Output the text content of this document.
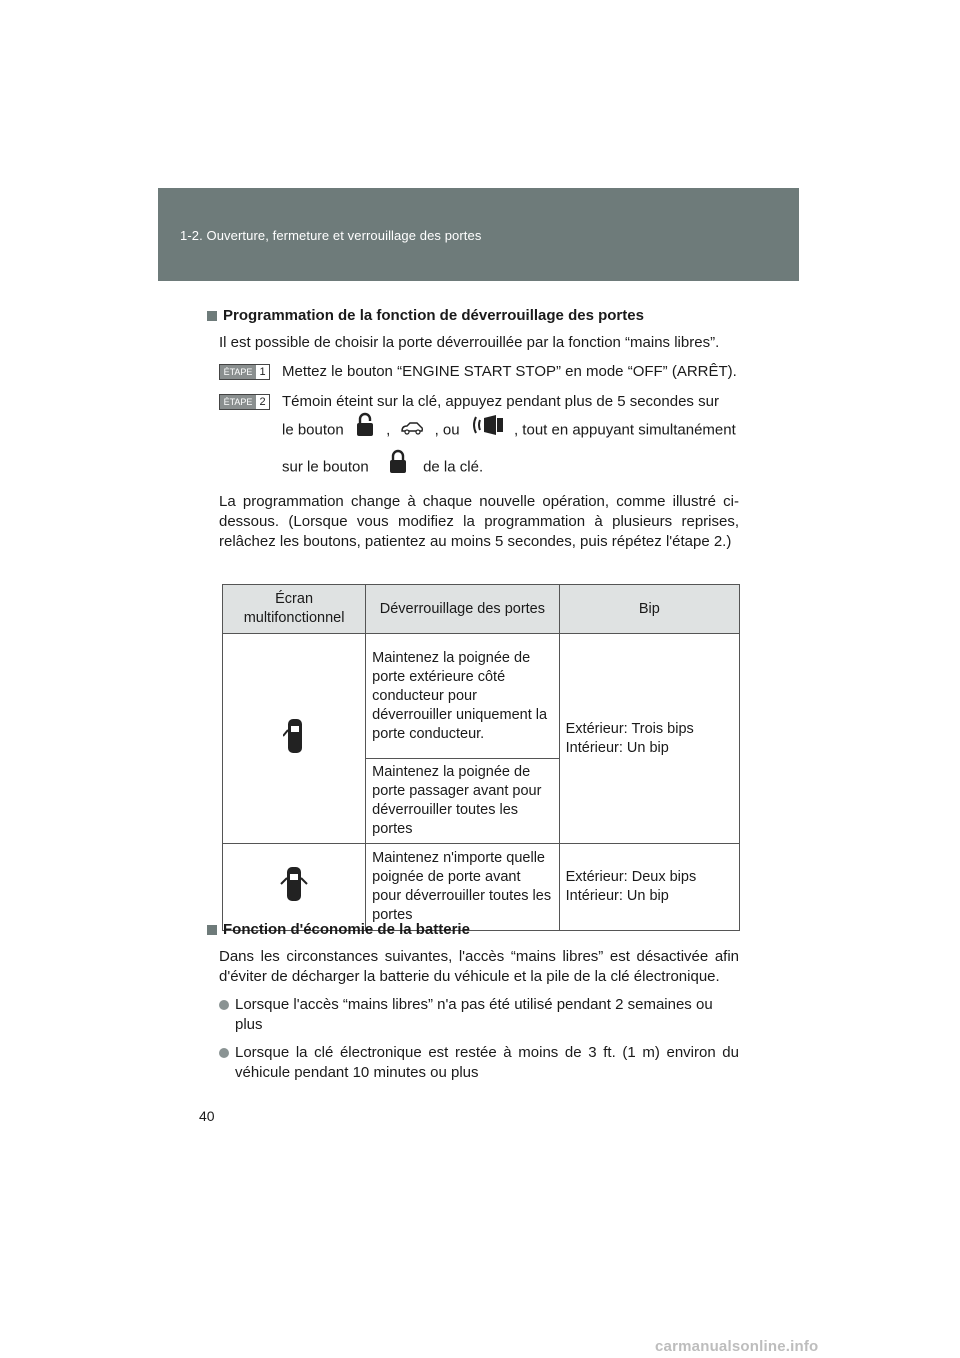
1-2. Ouverture, fermeture et verrouillage des portes
Programmation de la fonction de déverrouillage des portes
Il est possible de choisir la porte déverrouillée par la fonction “mains libres”.
ÉTAPE 1 Mettez le bouton “ENGINE START STOP” en mode “OFF” (ARRÊT).
ÉTAPE 2 Témoin éteint sur la clé, appuyez pendant plus de 5 secondes sur
le bouton	,	, ou	, tout en appuyant simultanément
sur le bouton	de la clé.
La programmation change à chaque nouvelle opération, comme illustré ci-dessous. (Lorsque vous modifiez la programmation à plusieurs reprises, relâchez les boutons, patientez au moins 5 secondes, puis répétez l'étape 2.)
Écran multifonctionnel	Déverrouillage des portes	Bip
	Maintenez la poignée de porte extérieure côté conducteur pour déverrouiller uniquement la porte conducteur.	Extérieur: Trois bips
Intérieur: Un bip
	Maintenez la poignée de porte passager avant pour déverrouiller toutes les portes	
	Maintenez n'importe quelle poignée de porte avant pour déverrouiller toutes les portes	Extérieur: Deux bips
Intérieur: Un bip
Fonction d'économie de la batterie
Dans les circonstances suivantes, l'accès “mains libres” est désactivée afin d'éviter de décharger la batterie du véhicule et la pile de la clé électronique.
Lorsque l'accès “mains libres” n'a pas été utilisé pendant 2 semaines ou plus
Lorsque la clé électronique est restée à moins de 3 ft. (1 m) environ du véhicule pendant 10 minutes ou plus
40
carmanualsonline.info
